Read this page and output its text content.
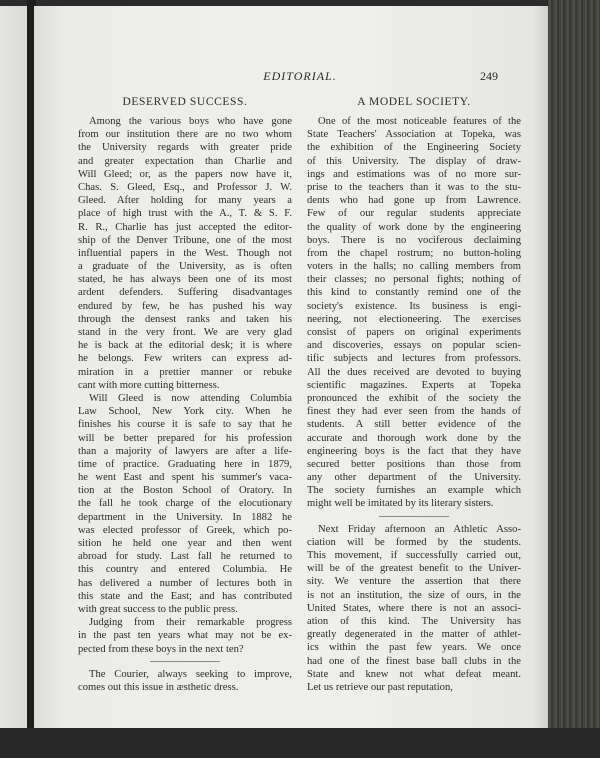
EDITORIAL.	249
DESERVED SUCCESS.
Among the various boys who have gone
from our institution there are no two whom
the University regards with greater pride
and greater expectation than Charlie and
Will Gleed; or, as the papers now have it,
Chas. S. Gleed, Esq., and Professor J. W.
Gleed. After holding for many years a
place of high trust with the A., T. & S. F.
R. R., Charlie has just accepted the editor-
ship of the Denver Tribune, one of the most
influential papers in the West. Though not
a graduate of the University, as is often
stated, he has always been one of its most
ardent defenders. Suffering disadvantages
endured by few, he has pushed his way
through the densest ranks and taken his
stand in the very front. We are very glad
he is back at the editorial desk; it is where
he belongs. Few writers can express ad-
miration in a prettier manner or rebuke
cant with more cutting bitterness.
Will Gleed is now attending Columbia
Law School, New York city. When he
finishes his course it is safe to say that he
will be better prepared for his profession
than a majority of lawyers are after a life-
time of practice. Graduating here in 1879,
he went East and spent his summer's vaca-
tion at the Boston School of Oratory. In
the fall he took charge of the elocutionary
department in the University. In 1882 he
was elected professor of Greek, which po-
sition he held one year and then went
abroad for study. Last fall he returned to
this country and entered Columbia. He
has delivered a number of lectures both in
this state and the East; and has contributed
with great success to the public press.
Judging from their remarkable progress
in the past ten years what may not be ex-
pected from these boys in the next ten?
The Courier, always seeking to improve,
comes out this issue in æsthetic dress.
A MODEL SOCIETY.
One of the most noticeable features of the
State Teachers' Association at Topeka, was
the exhibition of the Engineering Society
of this University. The display of draw-
ings and estimations was of no more sur-
prise to the teachers than it was to the stu-
dents who had gone up from Lawrence.
Few of our regular students appreciate
the quality of work done by the engineering
boys. There is no vociferous declaiming
from the chapel rostrum; no button-holing
voters in the halls; no calling members from
their classes; no personal fights; nothing of
this kind to constantly remind one of the
society's existence. Its business is engi-
neering, not electioneering. The exercises
consist of papers on original experiments
and discoveries, essays on popular scien-
tific subjects and lectures from professors.
All the dues received are devoted to buying
scientific magazines. Experts at Topeka
pronounced the exhibit of the society the
finest they had ever seen from the hands of
students. A still better evidence of the
accurate and thorough work done by the
engineering boys is the fact that they have
secured better positions than those from
any other department of the University.
The society furnishes an example which
might well be imitated by its literary sisters.
Next Friday afternoon an Athletic Asso-
ciation will be formed by the students.
This movement, if successfully carried out,
will be of the greatest benefit to the Univer-
sity. We venture the assertion that there
is not an institution, the size of ours, in the
United States, where there is not an associ-
ation of this kind. The University has
greatly degenerated in the matter of athlet-
ics within the past few years. We once
had one of the finest base ball clubs in the
State and knew not what defeat meant.
Let us retrieve our past reputation,
